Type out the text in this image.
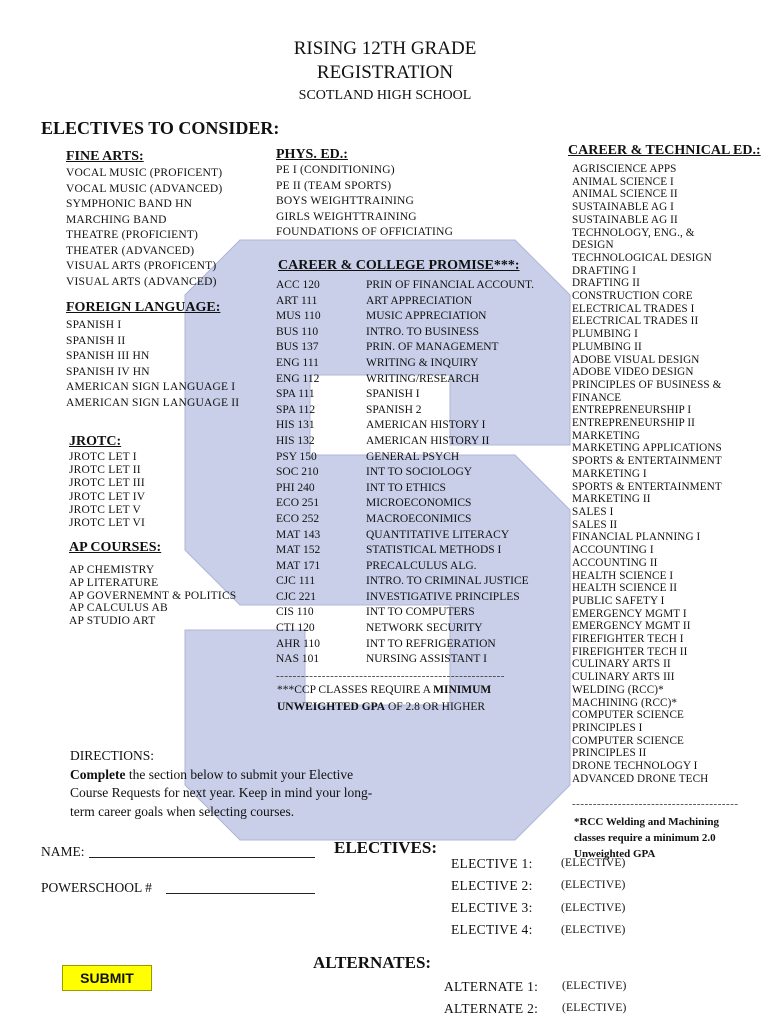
RISING 12TH GRADE
REGISTRATION
SCOTLAND HIGH SCHOOL
ELECTIVES TO CONSIDER:
FINE ARTS:
VOCAL MUSIC (PROFICENT)
VOCAL MUSIC (ADVANCED)
SYMPHONIC BAND HN
MARCHING BAND
THEATRE (PROFICIENT)
THEATER (ADVANCED)
VISUAL ARTS (PROFICENT)
VISUAL ARTS (ADVANCED)
FOREIGN LANGUAGE:
SPANISH I
SPANISH II
SPANISH III HN
SPANISH IV HN
AMERICAN SIGN LANGUAGE I
AMERICAN SIGN LANGUAGE II
JROTC:
JROTC LET I
JROTC LET II
JROTC LET III
JROTC LET IV
JROTC LET V
JROTC LET VI
AP COURSES:
AP CHEMISTRY
AP LITERATURE
AP GOVERNEMNT & POLITICS
AP CALCULUS AB
AP STUDIO ART
PHYS. ED.:
PE I (CONDITIONING)
PE II (TEAM SPORTS)
BOYS WEIGHTTRAINING
GIRLS WEIGHTTRAINING
FOUNDATIONS OF OFFICIATING
CAREER & COLLEGE PROMISE***:
ACC 120	PRIN OF FINANCIAL ACCOUNT.
ART 111	ART APPRECIATION
MUS 110	MUSIC APPRECIATION
BUS 110	INTRO. TO BUSINESS
BUS 137	PRIN. OF MANAGEMENT
ENG 111	WRITING & INQUIRY
ENG 112	WRITING/RESEARCH
SPA 111	SPANISH I
SPA 112	SPANISH 2
HIS 131	AMERICAN HISTORY I
HIS 132	AMERICAN HISTORY II
PSY 150	GENERAL PSYCH
SOC 210	INT TO SOCIOLOGY
PHI 240	INT TO ETHICS
ECO 251	MICROECONOMICS
ECO 252	MACROECONIMICS
MAT 143	QUANTITATIVE LITERACY
MAT 152	STATISTICAL METHODS I
MAT 171	PRECALCULUS ALG.
CJC 111	INTRO. TO CRIMINAL JUSTICE
CJC 221	INVESTIGATIVE PRINCIPLES
CIS 110	INT TO COMPUTERS
CTI 120	NETWORK SECURITY
AHR 110	INT TO REFRIGERATION
NAS 101	NURSING ASSISTANT I
-------------------------------------------------------
***CCP CLASSES REQUIRE A MINIMUM
UNWEIGHTED GPA OF 2.8 OR HIGHER
CAREER & TECHNICAL ED.:
AGRISCIENCE APPS
ANIMAL SCIENCE I
ANIMAL SCIENCE II
SUSTAINABLE AG I
SUSTAINABLE AG II
TECHNOLOGY, ENG., &
DESIGN
TECHNOLOGICAL DESIGN
DRAFTING I
DRAFTING II
CONSTRUCTION CORE
ELECTRICAL TRADES I
ELECTRICAL TRADES II
PLUMBING I
PLUMBING II
ADOBE VISUAL DESIGN
ADOBE VIDEO DESIGN
PRINCIPLES OF BUSINESS &
FINANCE
ENTREPRENEURSHIP I
ENTREPRENEURSHIP II
MARKETING
MARKETING APPLICATIONS
SPORTS & ENTERTAINMENT
MARKETING I
SPORTS & ENTERTAINMENT
MARKETING II
SALES I
SALES II
FINANCIAL PLANNING I
ACCOUNTING I
ACCOUNTING II
HEALTH SCIENCE I
HEALTH SCIENCE II
PUBLIC SAFETY I
EMERGENCY MGMT I
EMERGENCY MGMT II
FIREFIGHTER TECH I
FIREFIGHTER TECH II
CULINARY ARTS II
CULINARY ARTS III
WELDING (RCC)*
MACHINING (RCC)*
COMPUTER SCIENCE
PRINCIPLES I
COMPUTER SCIENCE
PRINCIPLES II
DRONE TECHNOLOGY I
ADVANCED DRONE TECH
----------------------------------------
*RCC Welding and Machining
classes require a minimum 2.0
Unweighted GPA
DIRECTIONS:
Complete the section below to submit your Elective
Course Requests for next year. Keep in mind your long-
term career goals when selecting courses.
NAME:
POWERSCHOOL #
ELECTIVES:
ELECTIVE 1: (ELECTIVE)
ELECTIVE 2: (ELECTIVE)
ELECTIVE 3: (ELECTIVE)
ELECTIVE 4: (ELECTIVE)
ALTERNATES:
ALTERNATE 1: (ELECTIVE)
ALTERNATE 2: (ELECTIVE)
SUBMIT
